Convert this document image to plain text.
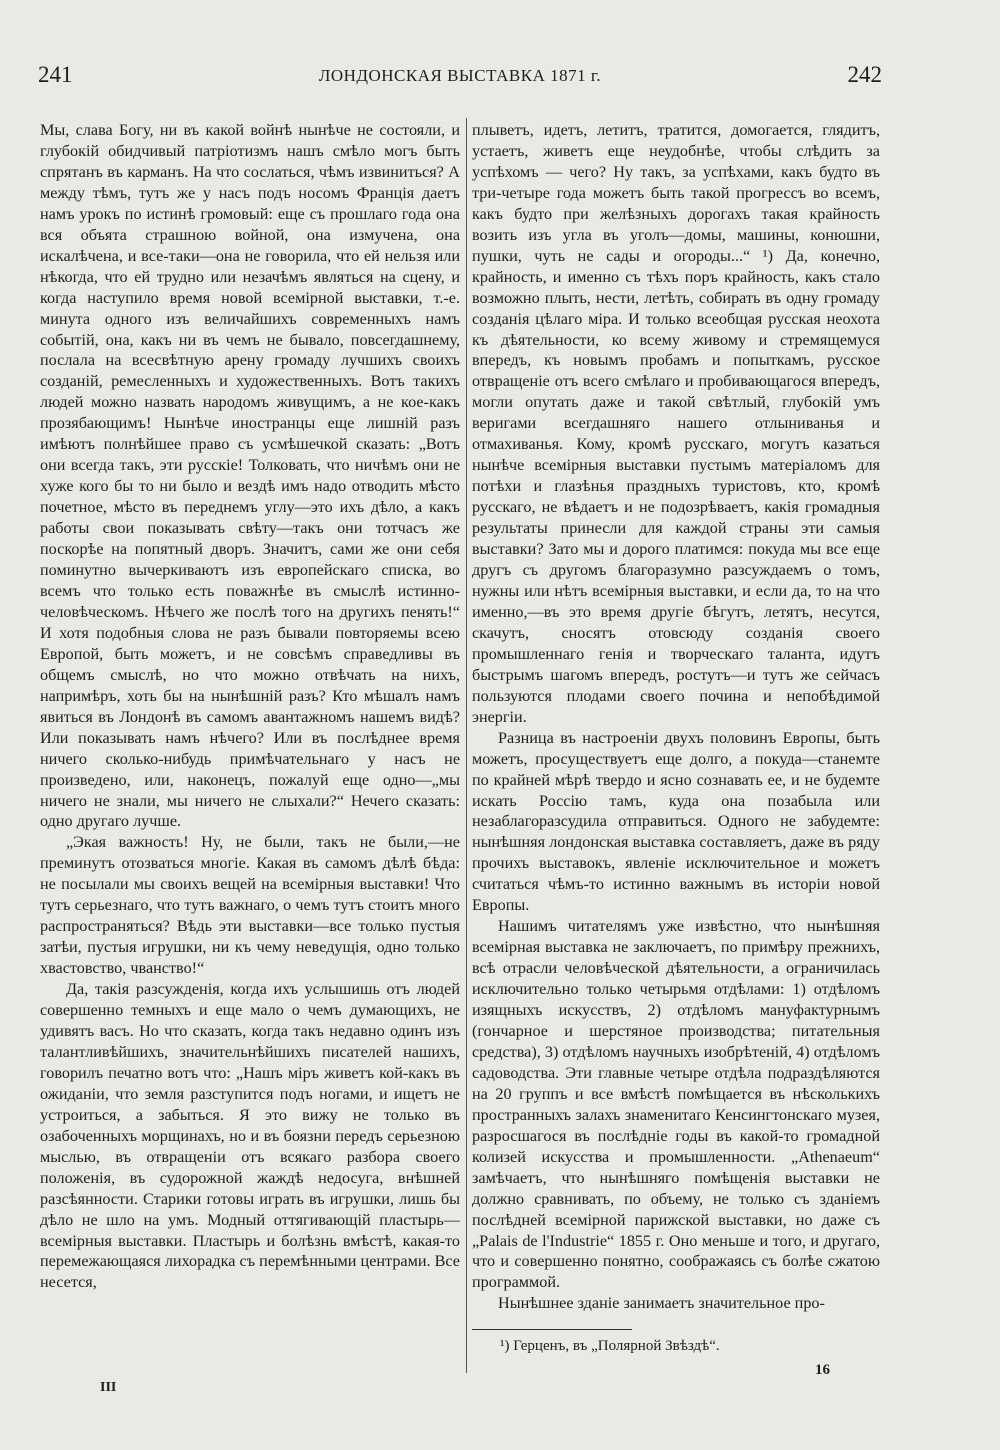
241	ЛОНДОНСКАЯ ВЫСТАВКА 1871 г.	242

Мы, слава Богу, ни въ какой войнѣ нынѣче не состояли, и глубокій обидчивый патріотизмъ нашъ смѣло могъ быть спрятанъ въ карманъ. На что сослаться, чѣмъ извиниться? А между тѣмъ, тутъ же у насъ подъ носомъ Франція даетъ намъ урокъ по истинѣ громовый: еще съ прошлаго года она вся объята страшною войной, она измучена, она искалѣчена, и все-таки—она не говорила, что ей нельзя или нѣкогда, что ей трудно или незачѣмъ являться на сцену, и когда наступило время новой всемірной выставки, т.-е. минута одного изъ величайшихъ современныхъ намъ событій, она, какъ ни въ чемъ не бывало, повсегдашнему, послала на всесвѣтную арену громаду лучшихъ своихъ созданій, ремесленныхъ и художественныхъ. Вотъ такихъ людей можно назвать народомъ живущимъ, а не кое-какъ прозябающимъ! Нынѣче иностранцы еще лишній разъ имѣютъ полнѣйшее право съ усмѣшечкой сказать: „Вотъ они всегда такъ, эти русскіе! Толковать, что ничѣмъ они не хуже кого бы то ни было и вездѣ имъ надо отводить мѣсто почетное, мѣсто въ переднемъ углу—это ихъ дѣло, а какъ работы свои показывать свѣту—такъ они тотчасъ же поскорѣе на попятный дворъ. Значитъ, сами же они себя поминутно вычеркиваютъ изъ европейскаго списка, во всемъ что только есть поважнѣе въ смыслѣ истинно-человѣческомъ. Нѣчего же послѣ того на другихъ пенять!“ И хотя подобныя слова не разъ бывали повторяемы всею Европой, быть можетъ, и не совсѣмъ справедливы въ общемъ смыслѣ, но что можно отвѣчать на нихъ, напримѣръ, хоть бы на нынѣшній разъ? Кто мѣшалъ намъ явиться въ Лондонѣ въ самомъ авантажномъ нашемъ видѣ? Или показывать намъ нѣчего? Или въ послѣднее время ничего сколько-нибудь примѣчательнаго у насъ не произведено, или, наконецъ, пожалуй еще одно—„мы ничего не знали, мы ничего не слыхали?“ Нечего сказать: одно другаго лучше.

„Экая важность! Ну, не были, такъ не были,—не преминутъ отозваться многіе. Какая въ самомъ дѣлѣ бѣда: не посылали мы своихъ вещей на всемірныя выставки! Что тутъ серьезнаго, что тутъ важнаго, о чемъ тутъ стоитъ много распространяться? Вѣдь эти выставки—все только пустыя затѣи, пустыя игрушки, ни къ чему неведущія, одно только хвастовство, чванство!“

Да, такія разсужденія, когда ихъ услышишь отъ людей совершенно темныхъ и еще мало о чемъ думающихъ, не удивятъ васъ. Но что сказать, когда такъ недавно одинъ изъ талантливѣйшихъ, значительнѣйшихъ писателей нашихъ, говорилъ печатно вотъ что: „Нашъ міръ живетъ кой-какъ въ ожиданіи, что земля разступится подъ ногами, и ищетъ не устроиться, а забыться. Я это вижу не только въ озабоченныхъ морщинахъ, но и въ боязни передъ серьезною мыслью, въ отвращеніи отъ всякаго разбора своего положенія, въ судорожной жаждѣ недосуга, внѣшней разсѣянности. Старики готовы играть въ игрушки, лишь бы дѣло не шло на умъ. Модный оттягивающій пластырь—всемірныя выставки. Пластырь и болѣзнь вмѣстѣ, какая-то перемежающаяся лихорадка съ перемѣнными центрами. Все несется,

плыветъ, идетъ, летитъ, тратится, домогается, глядитъ, устаетъ, живетъ еще неудобнѣе, чтобы слѣдить за успѣхомъ — чего? Ну такъ, за успѣхами, какъ будто въ три-четыре года можетъ быть такой прогрессъ во всемъ, какъ будто при желѣзныхъ дорогахъ такая крайность возить изъ угла въ уголъ—домы, машины, конюшни, пушки, чуть не сады и огороды...“ ¹) Да, конечно, крайность, и именно съ тѣхъ поръ крайность, какъ стало возможно плыть, нести, летѣть, собирать въ одну громаду созданія цѣлаго міра. И только всеобщая русская неохота къ дѣятельности, ко всему живому и стремящемуся впередъ, къ новымъ пробамъ и попыткамъ, русское отвращеніе отъ всего смѣлаго и пробивающагося впередъ, могли опутать даже и такой свѣтлый, глубокій умъ веригами всегдашняго нашего отлыниванья и отмахиванья. Кому, кромѣ русскаго, могутъ казаться нынѣче всемірныя выставки пустымъ матеріаломъ для потѣхи и глазѣнья праздныхъ туристовъ, кто, кромѣ русскаго, не вѣдаетъ и не подозрѣваетъ, какія громадныя результаты принесли для каждой страны эти самыя выставки? Зато мы и дорого платимся: покуда мы все еще другъ съ другомъ благоразумно разсуждаемъ о томъ, нужны или нѣтъ всемірныя выставки, и если да, то на что именно,—въ это время другіе бѣгутъ, летятъ, несутся, скачутъ, сносятъ отовсюду созданія своего промышленнаго генія и творческаго таланта, идутъ быстрымъ шагомъ впередъ, ростутъ—и тутъ же сейчасъ пользуются плодами своего почина и непобѣдимой энергіи.

Разница въ настроеніи двухъ половинъ Европы, быть можетъ, просуществуетъ еще долго, а покуда—станемте по крайней мѣрѣ твердо и ясно сознавать ее, и не будемте искать Россію тамъ, куда она позабыла или незаблагоразсудила отправиться. Одного не забудемте: нынѣшняя лондонская выставка составляетъ, даже въ ряду прочихъ выставокъ, явленіе исключительное и можетъ считаться чѣмъ-то истинно важнымъ въ исторіи новой Европы.

Нашимъ читателямъ уже извѣстно, что нынѣшняя всемірная выставка не заключаетъ, по примѣру прежнихъ, всѣ отрасли человѣческой дѣятельности, а ограничилась исключительно только четырьмя отдѣлами: 1) отдѣломъ изящныхъ искусствъ, 2) отдѣломъ мануфактурнымъ (гончарное и шерстяное производства; питательныя средства), 3) отдѣломъ научныхъ изобрѣтеній, 4) отдѣломъ садоводства. Эти главные четыре отдѣла подраздѣляются на 20 группъ и все вмѣстѣ помѣщается въ нѣсколькихъ пространныхъ залахъ знаменитаго Кенсингтонскаго музея, разросшагося въ послѣдніе годы въ какой-то громадной колизей искусства и промышленности. „Athenaeum“ замѣчаетъ, что нынѣшняго помѣщенія выставки не должно сравнивать, по объему, не только съ зданіемъ послѣдней всемірной парижской выставки, но даже съ „Palais de l'Industrie“ 1855 г. Оно меньше и того, и другаго, что и совершенно понятно, соображаясь съ болѣе сжатою программой.

Нынѣшнее зданіе занимаетъ значительное про-

¹) Герценъ, въ „Полярной Звѣздѣ“.
III
16
